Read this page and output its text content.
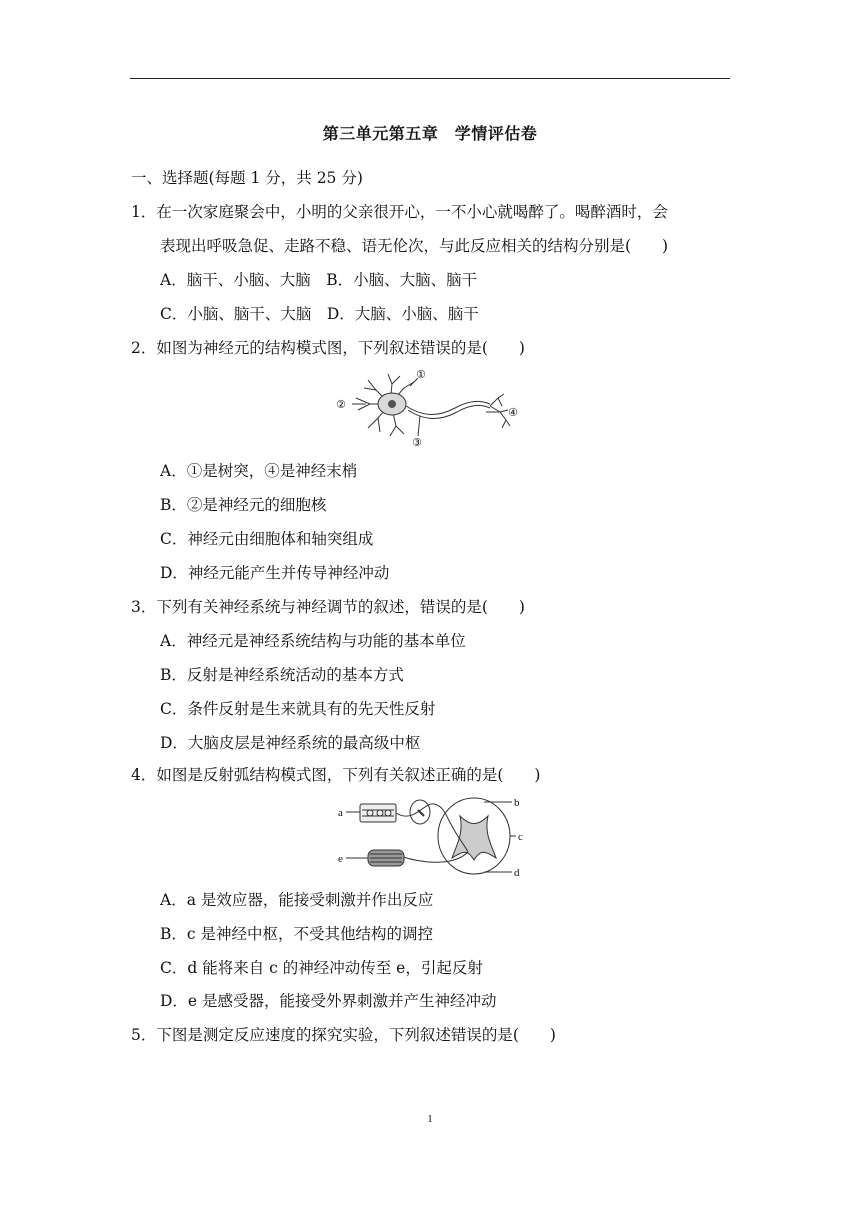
第三单元第五章　学情评估卷
一、选择题(每题 1 分，共 25 分)
1．在一次家庭聚会中，小明的父亲很开心，一不小心就喝醉了。喝醉酒时，会
表现出呼吸急促、走路不稳、语无伦次，与此反应相关的结构分别是(　　)
A．脑干、小脑、大脑　B．小脑、大脑、脑干
C．小脑、脑干、大脑　D．大脑、小脑、脑干
2．如图为神经元的结构模式图，下列叙述错误的是(　　)
①
②
③
④
A．①是树突，④是神经末梢
B．②是神经元的细胞核
C．神经元由细胞体和轴突组成
D．神经元能产生并传导神经冲动
3．下列有关神经系统与神经调节的叙述，错误的是(　　)
A．神经元是神经系统结构与功能的基本单位
B．反射是神经系统活动的基本方式
C．条件反射是生来就具有的先天性反射
D．大脑皮层是神经系统的最高级中枢
4．如图是反射弧结构模式图，下列有关叙述正确的是(　　)
a
b
c
d
e
A．a 是效应器，能接受刺激并作出反应
B．c 是神经中枢，不受其他结构的调控
C．d 能将来自 c 的神经冲动传至 e，引起反射
D．e 是感受器，能接受外界刺激并产生神经冲动
5．下图是测定反应速度的探究实验，下列叙述错误的是(　　)
1
